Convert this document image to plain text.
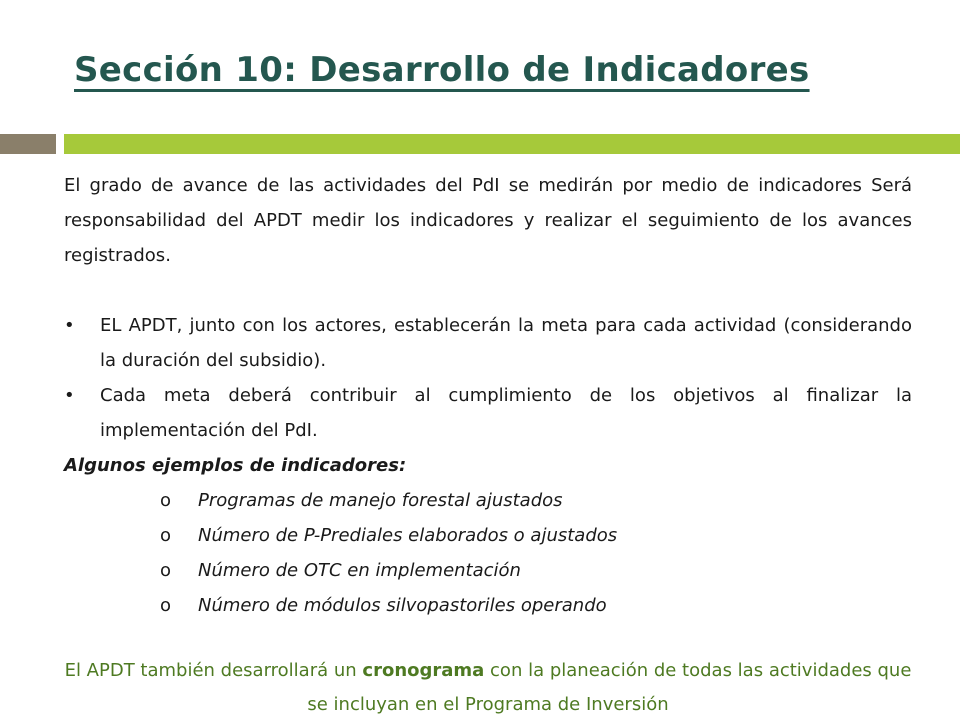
Sección 10: Desarrollo de Indicadores

El grado de avance de las actividades del PdI se medirán por medio de indicadores Será responsabilidad del APDT medir los indicadores y realizar el seguimiento de los avances registrados.

•	EL APDT, junto con los actores, establecerán la meta para cada actividad (considerando la duración del subsidio).
•	Cada meta deberá contribuir al cumplimiento de los objetivos al finalizar la implementación del PdI.

Algunos ejemplos de indicadores:

o	Programas de manejo forestal ajustados
o	Número de P-Prediales elaborados o ajustados
o	Número de OTC en implementación
o	Número de módulos silvopastoriles operando

El APDT también desarrollará un cronograma con la planeación de todas las actividades que se incluyan en el Programa de Inversión
